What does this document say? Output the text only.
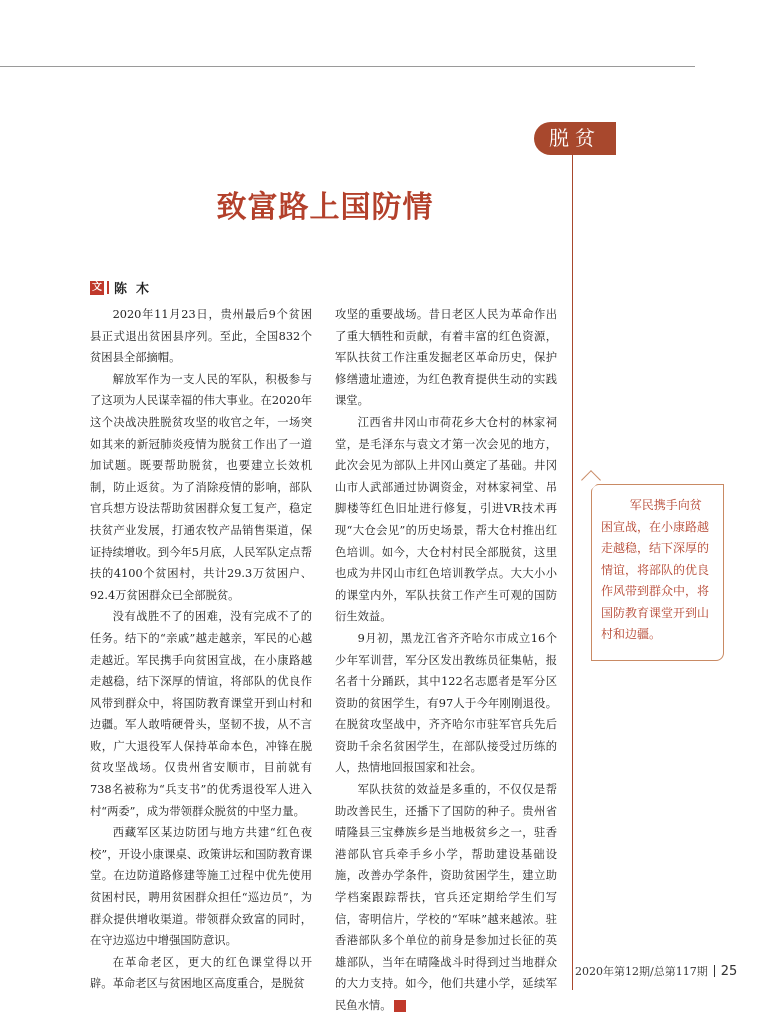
脱贫
致富路上国防情
文 陈  木

2020年11月23日，贵州最后9个贫困县正式退出贫困县序列。至此，全国832个贫困县全部摘帽。

解放军作为一支人民的军队，积极参与了这项为人民谋幸福的伟大事业。在2020年这个决战决胜脱贫攻坚的收官之年，一场突如其来的新冠肺炎疫情为脱贫工作出了一道加试题。既要帮助脱贫，也要建立长效机制，防止返贫。为了消除疫情的影响，部队官兵想方设法帮助贫困群众复工复产，稳定扶贫产业发展，打通农牧产品销售渠道，保证持续增收。到今年5月底，人民军队定点帮扶的4100个贫困村，共计29.3万贫困户、92.4万贫困群众已全部脱贫。

没有战胜不了的困难，没有完成不了的任务。结下的“亲戚”越走越亲，军民的心越走越近。军民携手向贫困宣战，在小康路越走越稳，结下深厚的情谊，将部队的优良作风带到群众中，将国防教育课堂开到山村和边疆。军人敢啃硬骨头，坚韧不拔，从不言败，广大退役军人保持革命本色，冲锋在脱贫攻坚战场。仅贵州省安顺市，目前就有738名被称为“兵支书”的优秀退役军人进入村“两委”，成为带领群众脱贫的中坚力量。

西藏军区某边防团与地方共建“红色夜校”，开设小康课桌、政策讲坛和国防教育课堂。在边防道路修建等施工过程中优先使用贫困村民，聘用贫困群众担任“巡边员”，为群众提供增收渠道。带领群众致富的同时，在守边巡边中增强国防意识。

在革命老区，更大的红色课堂得以开辟。革命老区与贫困地区高度重合，是脱贫

攻坚的重要战场。昔日老区人民为革命作出了重大牺牲和贡献，有着丰富的红色资源，军队扶贫工作注重发掘老区革命历史，保护修缮遗址遗迹，为红色教育提供生动的实践课堂。

江西省井冈山市荷花乡大仓村的林家祠堂，是毛泽东与袁文才第一次会见的地方，此次会见为部队上井冈山奠定了基础。井冈山市人武部通过协调资金，对林家祠堂、吊脚楼等红色旧址进行修复，引进VR技术再现“大仓会见”的历史场景，帮大仓村推出红色培训。如今，大仓村村民全部脱贫，这里也成为井冈山市红色培训教学点。大大小小的课堂内外，军队扶贫工作产生可观的国防衍生效益。

9月初，黑龙江省齐齐哈尔市成立16个少年军训营，军分区发出教练员征集帖，报名者十分踊跃，其中122名志愿者是军分区资助的贫困学生，有97人于今年刚刚退役。在脱贫攻坚战中，齐齐哈尔市驻军官兵先后资助千余名贫困学生，在部队接受过历练的人，热情地回报国家和社会。

军队扶贫的效益是多重的，不仅仅是帮助改善民生，还播下了国防的种子。贵州省晴隆县三宝彝族乡是当地极贫乡之一，驻香港部队官兵牵手乡小学，帮助建设基础设施，改善办学条件，资助贫困学生，建立助学档案跟踪帮扶，官兵还定期给学生们写信，寄明信片，学校的“军味”越来越浓。驻香港部队多个单位的前身是参加过长征的英雄部队，当年在晴隆战斗时得到过当地群众的大力支持。如今，他们共建小学，延续军民鱼水情。	G

军民携手向贫困宣战，在小康路越走越稳，结下深厚的情谊，将部队的优良作风带到群众中，将国防教育课堂开到山村和边疆。
2020年第12期/总第117期 25
